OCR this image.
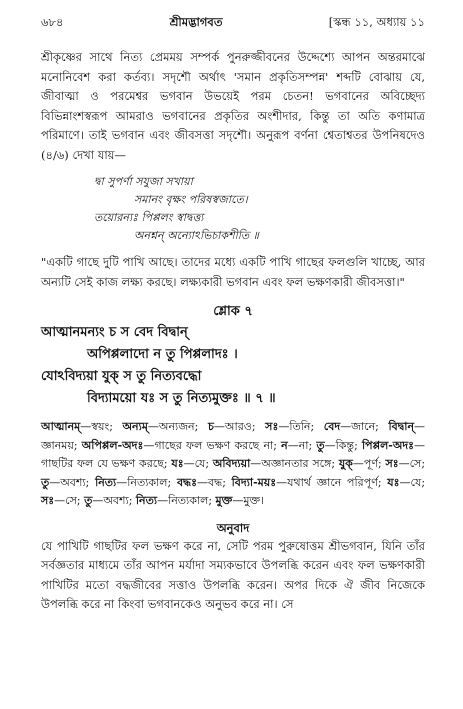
৬৮৪	শ্রীমদ্ভাগবত	[স্কন্ধ ১১, অধ্যায় ১১

শ্রীকৃষ্ণের সাথে নিত্য প্রেমময় সম্পর্ক পুনরুজ্জীবনের উদ্দেশ্যে আপন অন্তরমাঝে মনোনিবেশ করা কর্তব্য। সদৃশৌ অর্থাৎ 'সমান প্রকৃতিসম্পন্ন' শব্দটি বোঝায় যে, জীবাত্মা ও পরমেশ্বর ভগবান উভয়েই পরম চেতন! ভগবানের অবিচ্ছেদ্য বিভিন্নাংশস্বরূপ আমরাও ভগবানের প্রকৃতির অংশীদার, কিন্তু তা অতি কণামাত্র পরিমাণে। তাই ভগবান এবং জীবসত্তা সদৃশৌ। অনুরূপ বর্ণনা শ্বেতাশ্বতর উপনিষদেও (৪/৬) দেখা যায়—

দ্বা সুপর্ণা সযুজা সখায়া
সমানং বৃক্ষং পরিষস্বজাতে।
তয়োরন্যঃ পিপ্পলং স্বাদ্বত্ত্য
অনশ্নন্ অন্যোঽভিচাকশীতি ॥

"একটি গাছে দুটি পাখি আছে। তাদের মধ্যে একটি পাখি গাছের ফলগুলি খাচ্ছে, আর অন্যটি সেই কাজ লক্ষ্য করছে। লক্ষ্যকারী ভগবান এবং ফল ভক্ষণকারী জীবসত্তা।"

শ্লোক ৭
আত্মানমন্যং চ স বেদ বিদ্বান্
অপিপ্পলাদো ন তু পিপ্পলাদঃ ।
যোঽবিদ্যয়া যুক্ স তু নিত্যবদ্ধো
বিদ্যাময়ো যঃ স তু নিত্যমুক্তঃ ॥ ৭ ॥

আত্মানম্—স্বয়ং; অন্যম্—অন্যজন; চ—আরও; সঃ—তিনি; বেদ—জানে; বিদ্বান্—জ্ঞানময়; অপিপ্পল-অদঃ—গাছের ফল ভক্ষণ করছে না; ন—না; তু—কিন্তু; পিপ্পল-অদঃ—গাছটির ফল যে ভক্ষণ করছে; যঃ—যে; অবিদ্যয়া—অজ্ঞানতার সঙ্গে; যুক্—পূর্ণ; সঃ—সে; তু—অবশ্য; নিত্য—নিত্যকাল; বদ্ধঃ—বদ্ধ; বিদ্যা-ময়ঃ—যথার্থ জ্ঞানে পরিপূর্ণ; যঃ—যে; সঃ—সে; তু—অবশ্য; নিত্য—নিত্যকাল; মুক্ত—মুক্ত।

অনুবাদ

যে পাখিটি গাছটির ফল ভক্ষণ করে না, সেটি পরম পুরুষোত্তম শ্রীভগবান, যিনি তাঁর সর্বজ্ঞতার মাধ্যমে তাঁর আপন মর্যাদা সম্যকভাবে উপলব্ধি করেন এবং ফল ভক্ষণকারী পাখিটির মতো বদ্ধজীবের সত্তাও উপলব্ধি করেন। অপর দিকে ঐ জীব নিজেকে উপলব্ধি করে না কিংবা ভগবানকেও অনুভব করে না। সে
